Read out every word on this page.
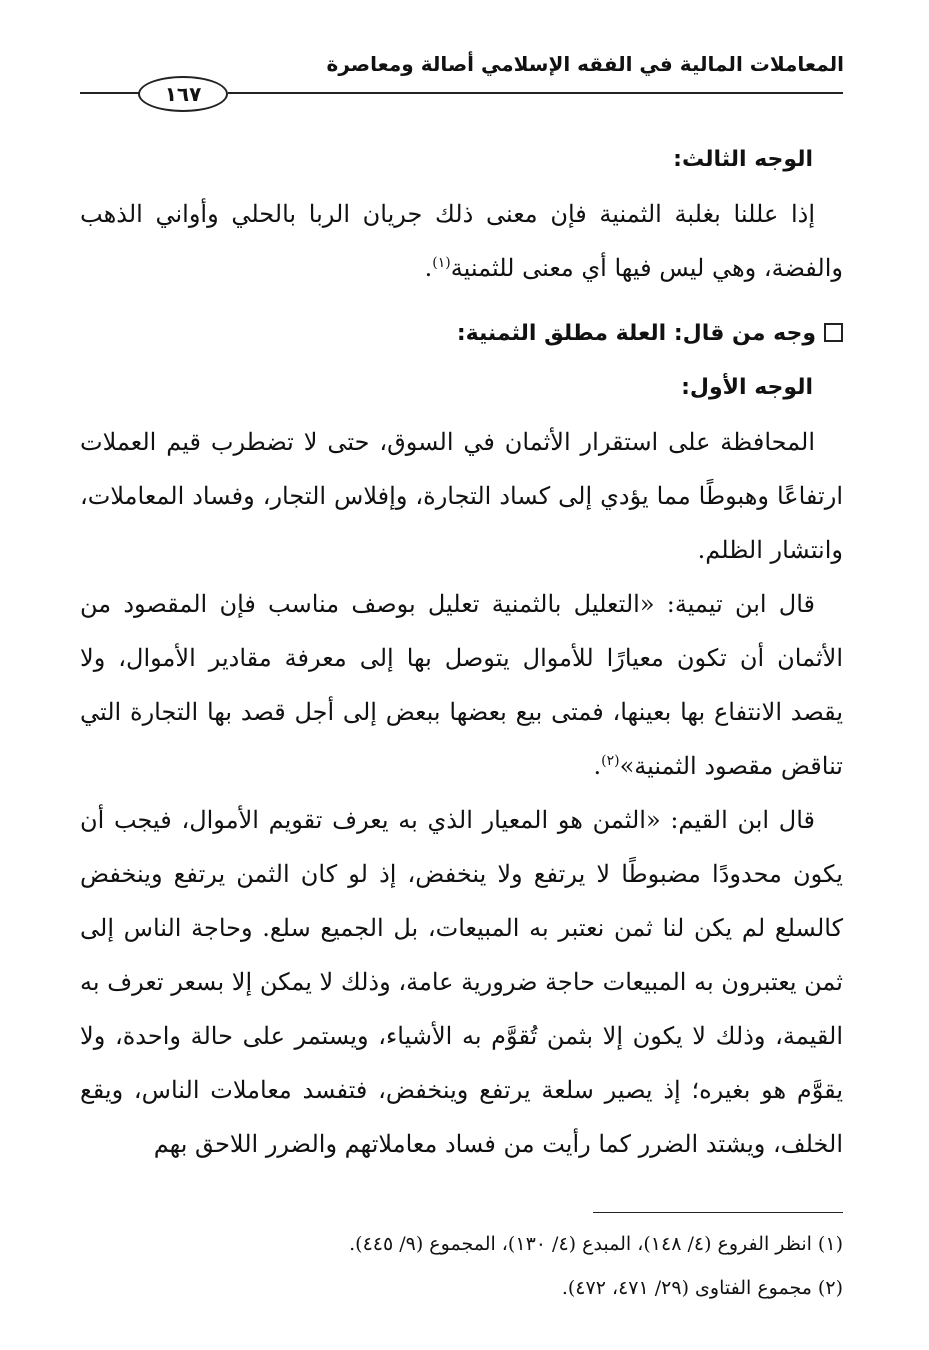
المعاملات المالية في الفقه الإسلامي أصالة ومعاصرة
١٦٧

الوجه الثالث:

إذا عللنا بغلبة الثمنية فإن معنى ذلك جريان الربا بالحلي وأواني الذهب والفضة، وهي ليس فيها أي معنى للثمنية$^{(١)}$.

وجه من قال: العلة مطلق الثمنية:

الوجه الأول:

المحافظة على استقرار الأثمان في السوق، حتى لا تضطرب قيم العملات ارتفاعًا وهبوطًا مما يؤدي إلى كساد التجارة، وإفلاس التجار، وفساد المعاملات، وانتشار الظلم.

قال ابن تيمية: «التعليل بالثمنية تعليل بوصف مناسب فإن المقصود من الأثمان أن تكون معيارًا للأموال يتوصل بها إلى معرفة مقادير الأموال، ولا يقصد الانتفاع بها بعينها، فمتى بيع بعضها ببعض إلى أجل قصد بها التجارة التي تناقض مقصود الثمنية»$^{(٢)}$.

قال ابن القيم: «الثمن هو المعيار الذي به يعرف تقويم الأموال، فيجب أن يكون محدودًا مضبوطًا لا يرتفع ولا ينخفض، إذ لو كان الثمن يرتفع وينخفض كالسلع لم يكن لنا ثمن نعتبر به المبيعات، بل الجميع سلع. وحاجة الناس إلى ثمن يعتبرون به المبيعات حاجة ضرورية عامة، وذلك لا يمكن إلا بسعر تعرف به القيمة، وذلك لا يكون إلا بثمن تُقوَّم به الأشياء، ويستمر على حالة واحدة، ولا يقوَّم هو بغيره؛ إذ يصير سلعة يرتفع وينخفض، فتفسد معاملات الناس، ويقع الخلف، ويشتد الضرر كما رأيت من فساد معاملاتهم والضرر اللاحق بهم

(١) انظر الفروع (٤/ ١٤٨)، المبدع (٤/ ١٣٠)، المجموع (٩/ ٤٤٥).

(٢) مجموع الفتاوى (٢٩/ ٤٧١، ٤٧٢).
